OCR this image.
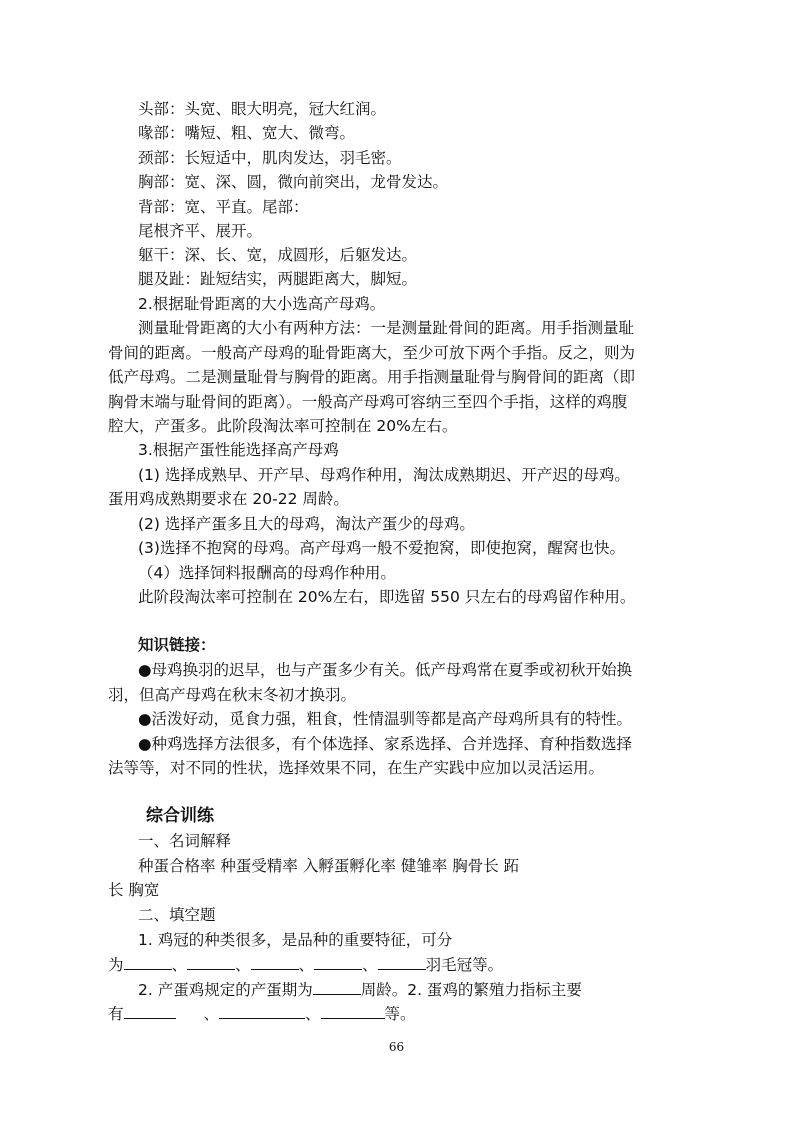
头部：头宽、眼大明亮，冠大红润。
喙部：嘴短、粗、宽大、微弯。
颈部：长短适中，肌肉发达，羽毛密。
胸部：宽、深、圆，微向前突出，龙骨发达。
背部：宽、平直。尾部：
尾根齐平、展开。
躯干：深、长、宽，成圆形，后躯发达。
腿及趾：趾短结实，两腿距离大，脚短。
2.根据耻骨距离的大小选高产母鸡。
测量耻骨距离的大小有两种方法：一是测量趾骨间的距离。用手指测量耻
骨间的距离。一般高产母鸡的耻骨距离大，至少可放下两个手指。反之，则为
低产母鸡。二是测量耻骨与胸骨的距离。用手指测量耻骨与胸骨间的距离（即
胸骨末端与耻骨间的距离）。一般高产母鸡可容纳三至四个手指，这样的鸡腹
腔大，产蛋多。此阶段淘汰率可控制在 20%左右。
3.根据产蛋性能选择高产母鸡
(1) 选择成熟早、开产早、母鸡作种用，淘汰成熟期迟、开产迟的母鸡。
蛋用鸡成熟期要求在 20-22 周龄。
(2) 选择产蛋多且大的母鸡，淘汰产蛋少的母鸡。
(3)选择不抱窝的母鸡。高产母鸡一般不爱抱窝，即使抱窝，醒窝也快。
（4）选择饲料报酬高的母鸡作种用。
此阶段淘汰率可控制在 20%左右，即选留 550 只左右的母鸡留作种用。
知识链接：
●母鸡换羽的迟早，也与产蛋多少有关。低产母鸡常在夏季或初秋开始换
羽，但高产母鸡在秋末冬初才换羽。
●活泼好动，觅食力强，粗食，性情温驯等都是高产母鸡所具有的特性。
●种鸡选择方法很多，有个体选择、家系选择、合并选择、育种指数选择
法等等，对不同的性状，选择效果不同，在生产实践中应加以灵活运用。
综合训练
一、名词解释
种蛋合格率 种蛋受精率 入孵蛋孵化率 健雏率 胸骨长 跖
长 胸宽
二、填空题
1. 鸡冠的种类很多，是品种的重要特征，可分
为	、	、	、	、	羽毛冠等。
2. 产蛋鸡规定的产蛋期为	周龄。2. 蛋鸡的繁殖力指标主要
有	、	、	等。
66
